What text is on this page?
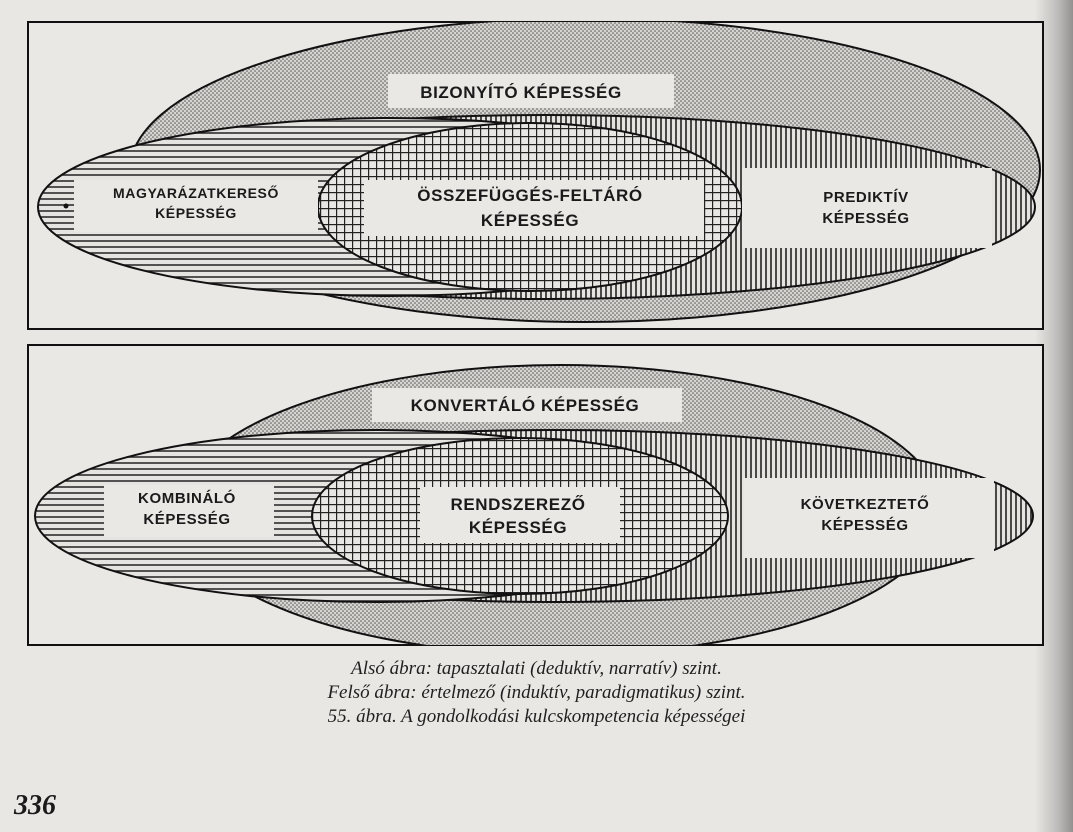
BIZONYÍTÓ KÉPESSÉG
MAGYARÁZATKERESŐ
KÉPESSÉG
ÖSSZEFÜGGÉS-FELTÁRÓ
KÉPESSÉG
PREDIKTÍV
KÉPESSÉG
KONVERTÁLÓ KÉPESSÉG
KOMBINÁLÓ
KÉPESSÉG
RENDSZEREZŐ
KÉPESSÉG
KÖVETKEZTETŐ
KÉPESSÉG
Alsó ábra: tapasztalati (deduktív, narratív) szint.
Felső ábra: értelmező (induktív, paradigmatikus) szint.
55. ábra. A gondolkodási kulcskompetencia képességei
336
